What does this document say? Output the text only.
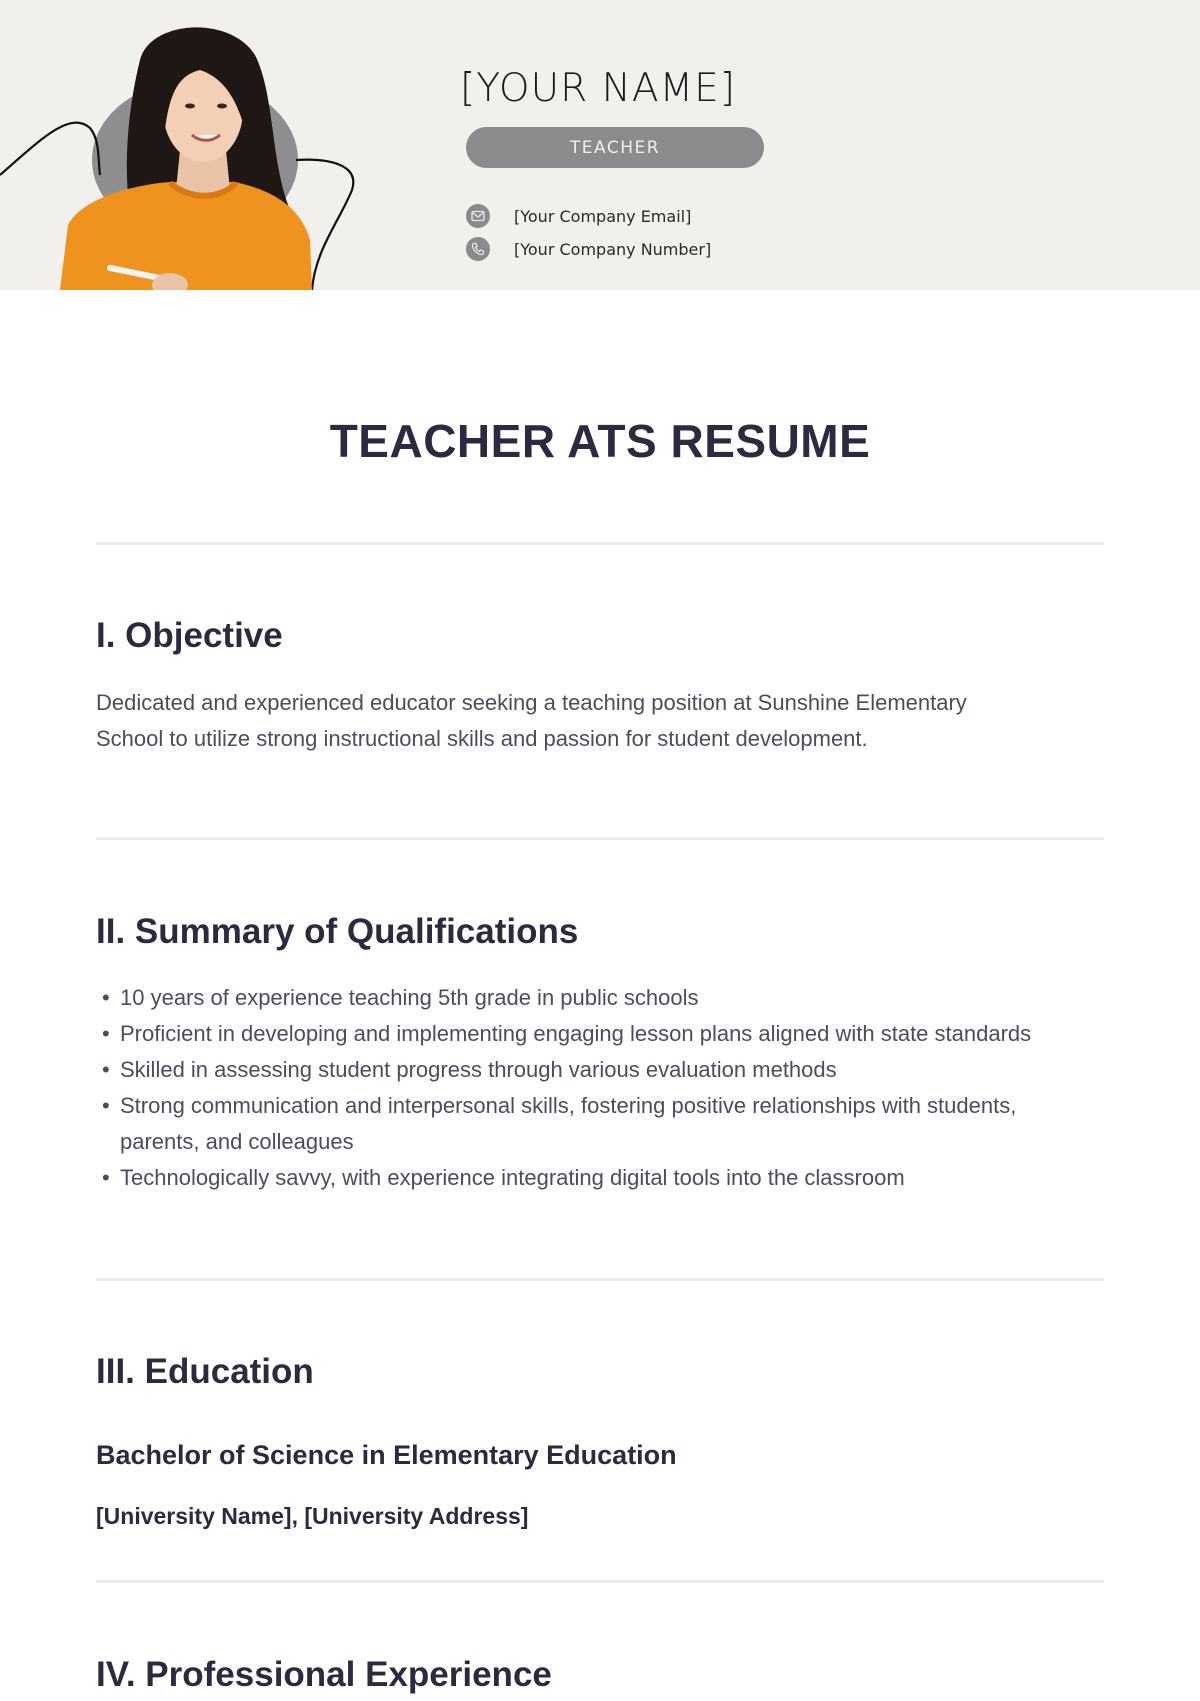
[YOUR NAME]
TEACHER
[Your Company Email]
[Your Company Number]
TEACHER ATS RESUME
I. Objective
Dedicated and experienced educator seeking a teaching position at Sunshine Elementary School to utilize strong instructional skills and passion for student development.
II. Summary of Qualifications
• 10 years of experience teaching 5th grade in public schools
• Proficient in developing and implementing engaging lesson plans aligned with state standards
• Skilled in assessing student progress through various evaluation methods
• Strong communication and interpersonal skills, fostering positive relationships with students, parents, and colleagues
• Technologically savvy, with experience integrating digital tools into the classroom
III. Education
Bachelor of Science in Elementary Education
[University Name], [University Address]
IV. Professional Experience
